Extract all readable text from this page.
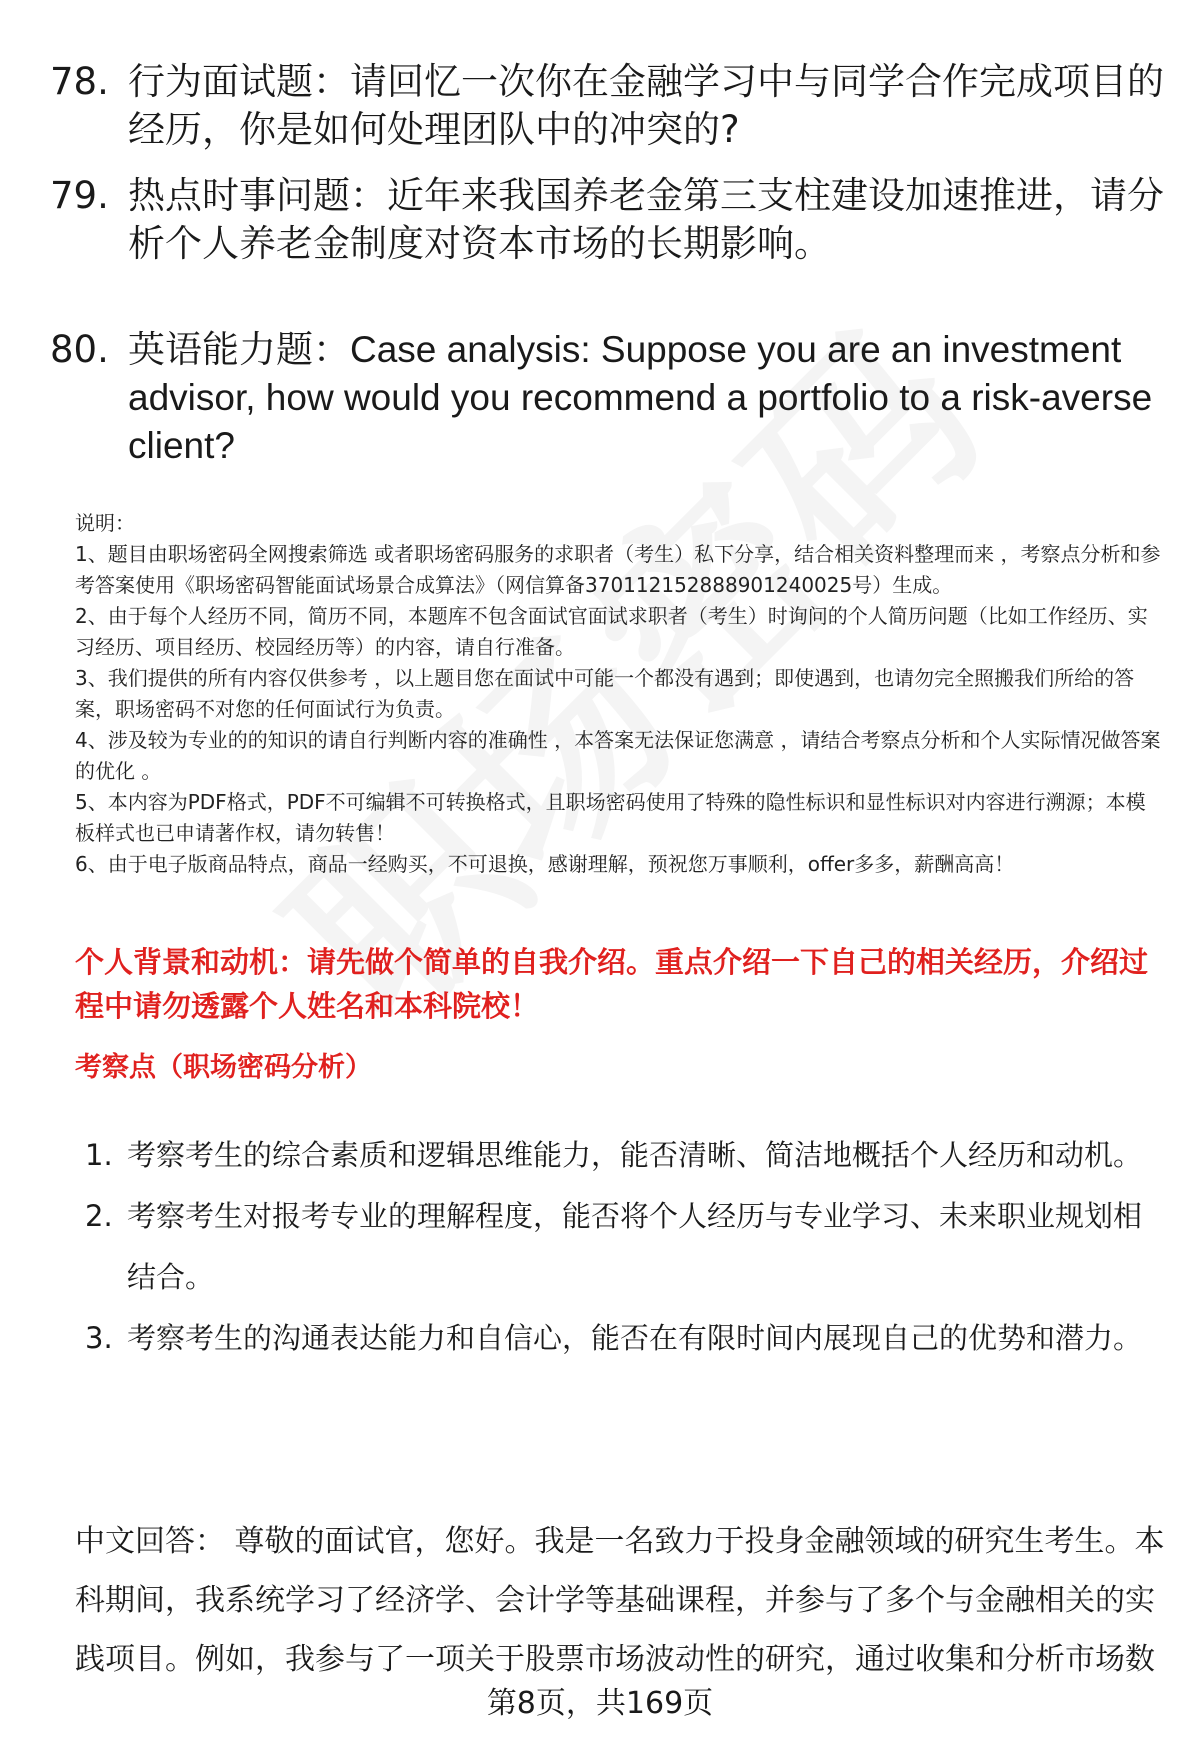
78. 行为面试题：请回忆一次你在金融学习中与同学合作完成项目的经历，你是如何处理团队中的冲突的?
79. 热点时事问题：近年来我国养老金第三支柱建设加速推进，请分析个人养老金制度对资本市场的长期影响。
80. 英语能力题：Case analysis: Suppose you are an investment advisor, how would you recommend a portfolio to a risk-averse client?

说明：

1、题目由职场密码全网搜索筛选 或者职场密码服务的求职者（考生）私下分享，结合相关资料整理而来 ，考察点分析和参考答案使用《职场密码智能面试场景合成算法》（网信算备370112152888901240025号）生成。

2、由于每个人经历不同，简历不同，本题库不包含面试官面试求职者（考生）时询问的个人简历问题（比如工作经历、实习经历、项目经历、校园经历等）的内容，请自行准备。

3、我们提供的所有内容仅供参考 ，以上题目您在面试中可能一个都没有遇到；即使遇到，也请勿完全照搬我们所给的答案，职场密码不对您的任何面试行为负责。

4、涉及较为专业的的知识的请自行判断内容的准确性 ，本答案无法保证您满意 ，请结合考察点分析和个人实际情况做答案的优化 。

5、本内容为PDF格式，PDF不可编辑不可转换格式，且职场密码使用了特殊的隐性标识和显性标识对内容进行溯源；本模板样式也已申请著作权，请勿转售！

6、由于电子版商品特点，商品一经购买，不可退换，感谢理解，预祝您万事顺利，offer多多，薪酬高高！

个人背景和动机：请先做个简单的自我介绍。重点介绍一下自己的相关经历，介绍过程中请勿透露个人姓名和本科院校！
考察点（职场密码分析）
1. 考察考生的综合素质和逻辑思维能力，能否清晰、简洁地概括个人经历和动机。
2. 考察考生对报考专业的理解程度，能否将个人经历与专业学习、未来职业规划相结合。
3. 考察考生的沟通表达能力和自信心，能否在有限时间内展现自己的优势和潜力。
中文回答： 尊敬的面试官，您好。我是一名致力于投身金融领域的研究生考生。本科期间，我系统学习了经济学、会计学等基础课程，并参与了多个与金融相关的实践项目。例如，我参与了一项关于股票市场波动性的研究，通过收集和分析市场数
第8页，共169页
